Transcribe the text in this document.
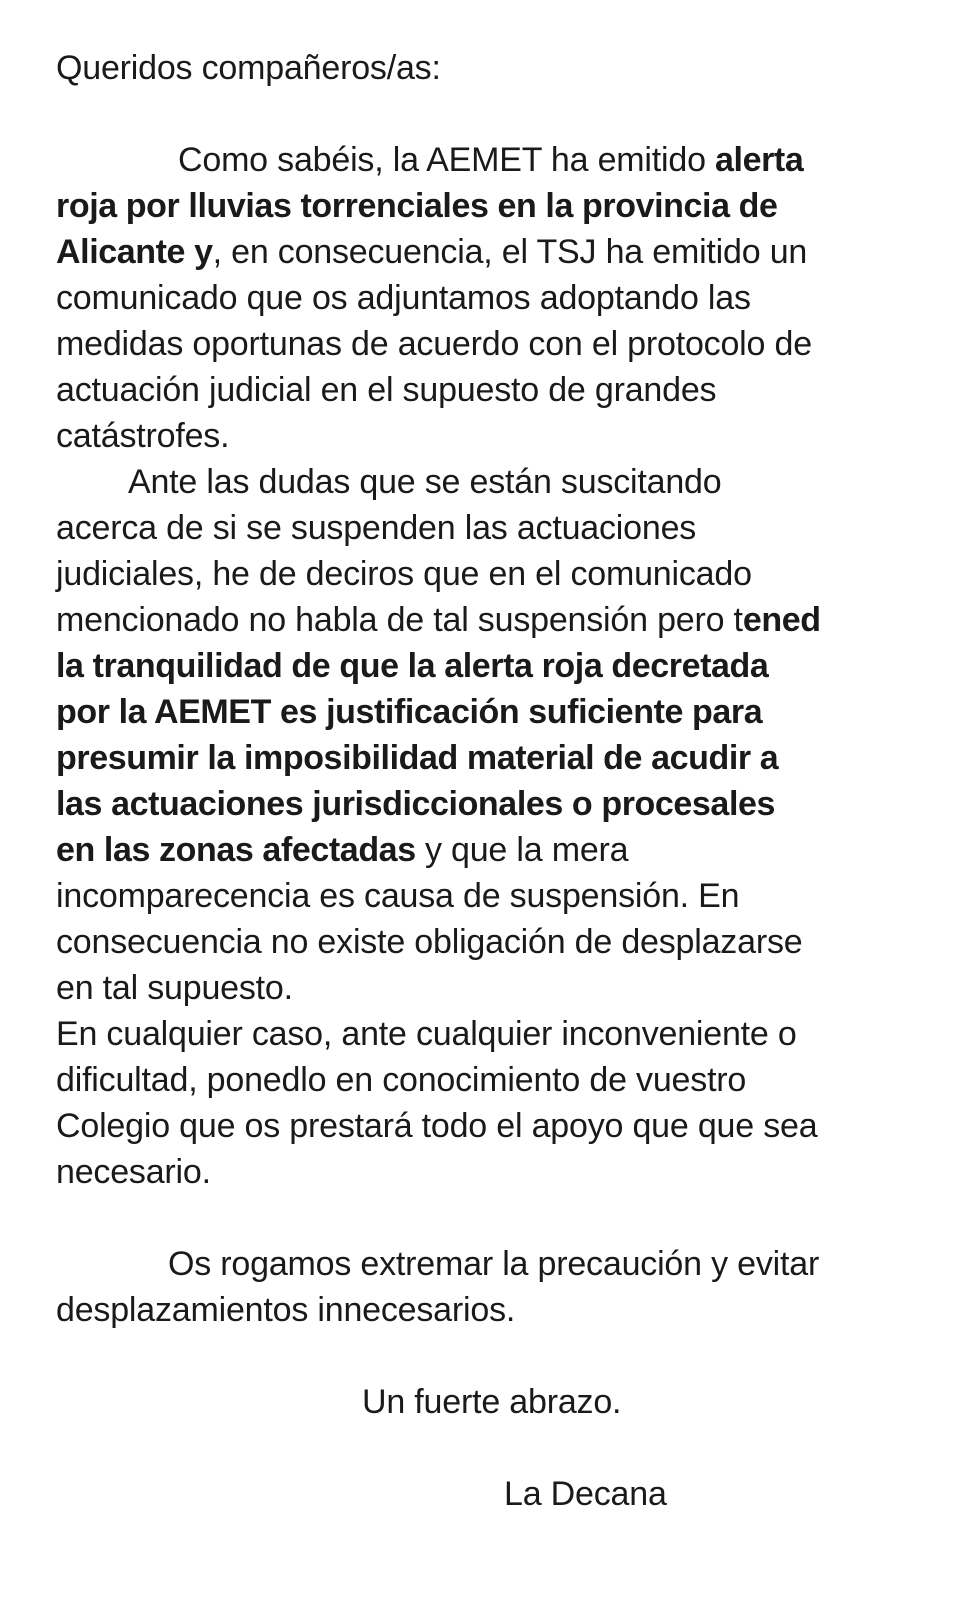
Queridos compañeros/as:
Como sabéis, la AEMET ha emitido alerta
roja por lluvias torrenciales en la provincia de
Alicante y, en consecuencia, el TSJ ha emitido un
comunicado que os adjuntamos adoptando las
medidas oportunas de acuerdo con el protocolo de
actuación judicial en el supuesto de grandes
catástrofes.
Ante las dudas que se están suscitando
acerca de si se suspenden las actuaciones
judiciales, he de deciros que en el comunicado
mencionado no habla de tal suspensión pero tened
la tranquilidad de que la alerta roja decretada
por la AEMET es justificación suficiente para
presumir la imposibilidad material de acudir a
las actuaciones jurisdiccionales o procesales
en las zonas afectadas y que la mera
incomparecencia es causa de suspensión. En
consecuencia no existe obligación de desplazarse
en tal supuesto.
En cualquier caso, ante cualquier inconveniente o
dificultad, ponedlo en conocimiento de vuestro
Colegio que os prestará todo el apoyo que que sea
necesario.
Os rogamos extremar la precaución y evitar
desplazamientos innecesarios.
Un fuerte abrazo.
La Decana
